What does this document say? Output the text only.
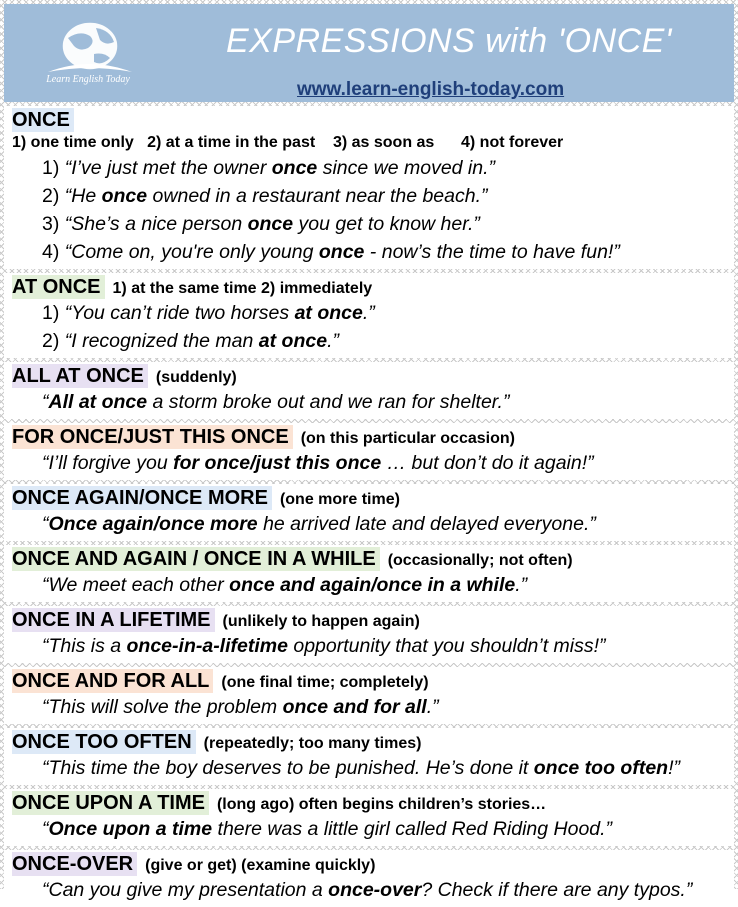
Learn English Today
EXPRESSIONS with 'ONCE'
www.learn-english-today.com
ONCE
1) one time only   2) at a time in the past    3) as soon as      4) not forever
1) “I’ve just met the owner once since we moved in.”
2) “He once owned in a restaurant near the beach.”
3) “She’s a nice person once you get to know her.”
4) “Come on, you're only young once - now’s the time to have fun!”
AT ONCE 1) at the same time 2) immediately
1) “You can’t ride two horses at once.”
2) “I recognized the man at once.”
ALL AT ONCE (suddenly)
“All at once a storm broke out and we ran for shelter.”
FOR ONCE/JUST THIS ONCE (on this particular occasion)
“I’ll forgive you for once/just this once … but don’t do it again!”
ONCE AGAIN/ONCE MORE (one more time)
“Once again/once more he arrived late and delayed everyone.”
ONCE AND AGAIN / ONCE IN A WHILE (occasionally; not often)
“We meet each other once and again/once in a while.”
ONCE IN A LIFETIME (unlikely to happen again)
“This is a once-in-a-lifetime opportunity that you shouldn’t miss!”
ONCE AND FOR ALL (one final time; completely)
“This will solve the problem once and for all.”
ONCE TOO OFTEN (repeatedly; too many times)
“This time the boy deserves to be punished. He’s done it once too often!”
ONCE UPON A TIME (long ago) often begins children’s stories…
“Once upon a time there was a little girl called Red Riding Hood.”
ONCE-OVER (give or get) (examine quickly)
“Can you give my presentation a once-over? Check if there are any typos.”
